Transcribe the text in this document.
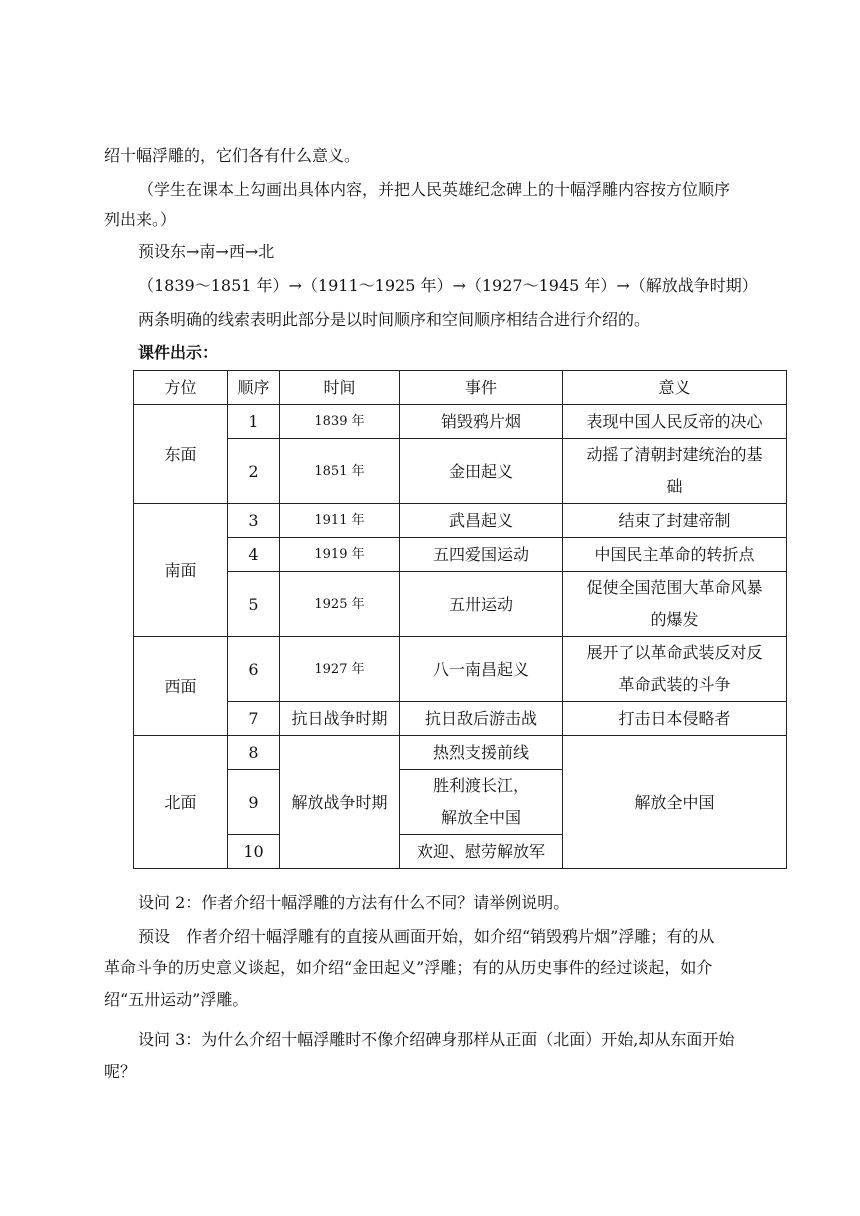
绍十幅浮雕的，它们各有什么意义。
（学生在课本上勾画出具体内容，并把人民英雄纪念碑上的十幅浮雕内容按方位顺序
列出来。）
预设东→南→西→北
（1839～1851 年）→（1911～1925 年）→（1927～1945 年）→（解放战争时期）
两条明确的线索表明此部分是以时间顺序和空间顺序相结合进行介绍的。
课件出示：
方位	顺序	时间	事件	意义
东面	1	1839 年	销毁鸦片烟	表现中国人民反帝的决心
	2	1851 年	金田起义	动摇了清朝封建统治的基
础

南面	3	1911 年	武昌起义	结束了封建帝制
	4	1919 年	五四爱国运动	中国民主革命的转折点
	5	1925 年	五卅运动	促使全国范围大革命风暴
的爆发

西面	6	1927 年	八一南昌起义	展开了以革命武装反对反
革命武装的斗争

	7	抗日战争时期	抗日敌后游击战	打击日本侵略者
北面	8	解放战争时期	热烈支援前线	解放全中国
	9		胜利渡长江，
解放全中国	

	10		欢迎、慰劳解放军	
设问 2：作者介绍十幅浮雕的方法有什么不同？请举例说明。
预设　作者介绍十幅浮雕有的直接从画面开始，如介绍“销毁鸦片烟”浮雕；有的从
革命斗争的历史意义谈起，如介绍“金田起义”浮雕；有的从历史事件的经过谈起，如介
绍“五卅运动”浮雕。
设问 3：为什么介绍十幅浮雕时不像介绍碑身那样从正面（北面）开始,却从东面开始
呢？
